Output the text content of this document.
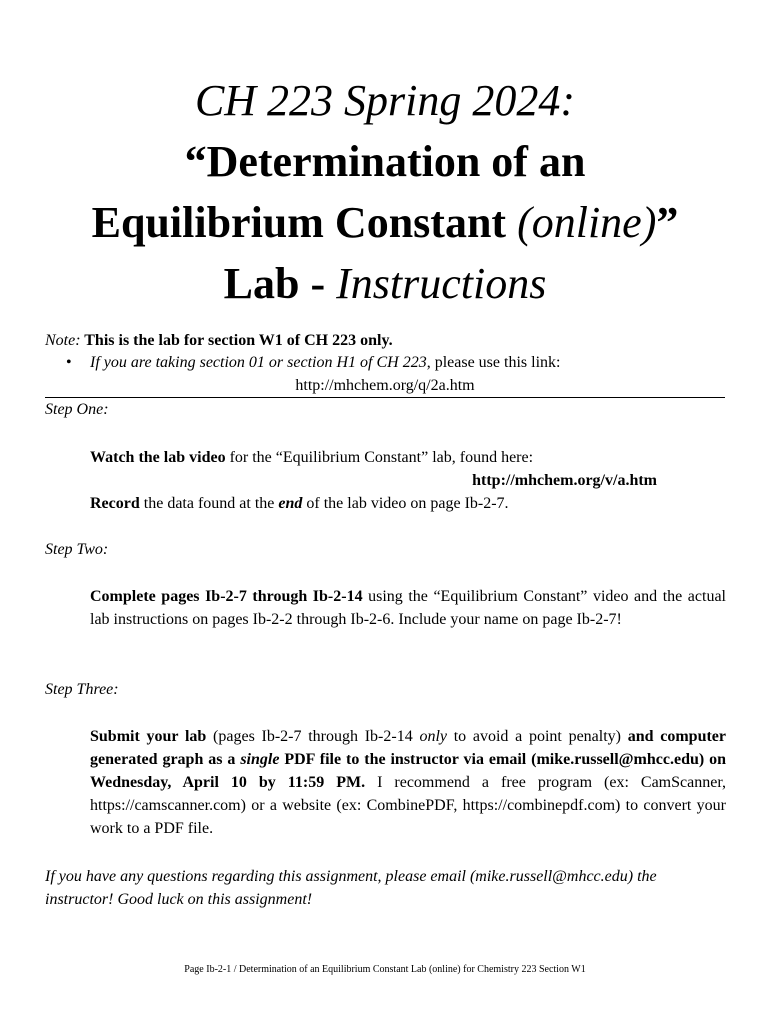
CH 223 Spring 2024:
“Determination of an
Equilibrium Constant (online)”
Lab - Instructions
Note: This is the lab for section W1 of CH 223 only.
• If you are taking section 01 or section H1 of CH 223, please use this link:
http://mhchem.org/q/2a.htm
Step One:
Watch the lab video for the “Equilibrium Constant” lab, found here:
http://mhchem.org/v/a.htm
Record the data found at the end of the lab video on page Ib-2-7.
Step Two:
Complete pages Ib-2-7 through Ib-2-14 using the “Equilibrium Constant” video and the actual lab instructions on pages Ib-2-2 through Ib-2-6. Include your name on page Ib-2-7!
Step Three:
Submit your lab (pages Ib-2-7 through Ib-2-14 only to avoid a point penalty) and computer generated graph as a single PDF file to the instructor via email (mike.russell@mhcc.edu) on Wednesday, April 10 by 11:59 PM. I recommend a free program (ex: CamScanner, https://camscanner.com) or a website (ex: CombinePDF, https://combinepdf.com) to convert your work to a PDF file.
If you have any questions regarding this assignment, please email (mike.russell@mhcc.edu) the instructor! Good luck on this assignment!
Page Ib-2-1 / Determination of an Equilibrium Constant Lab (online) for Chemistry 223 Section W1
